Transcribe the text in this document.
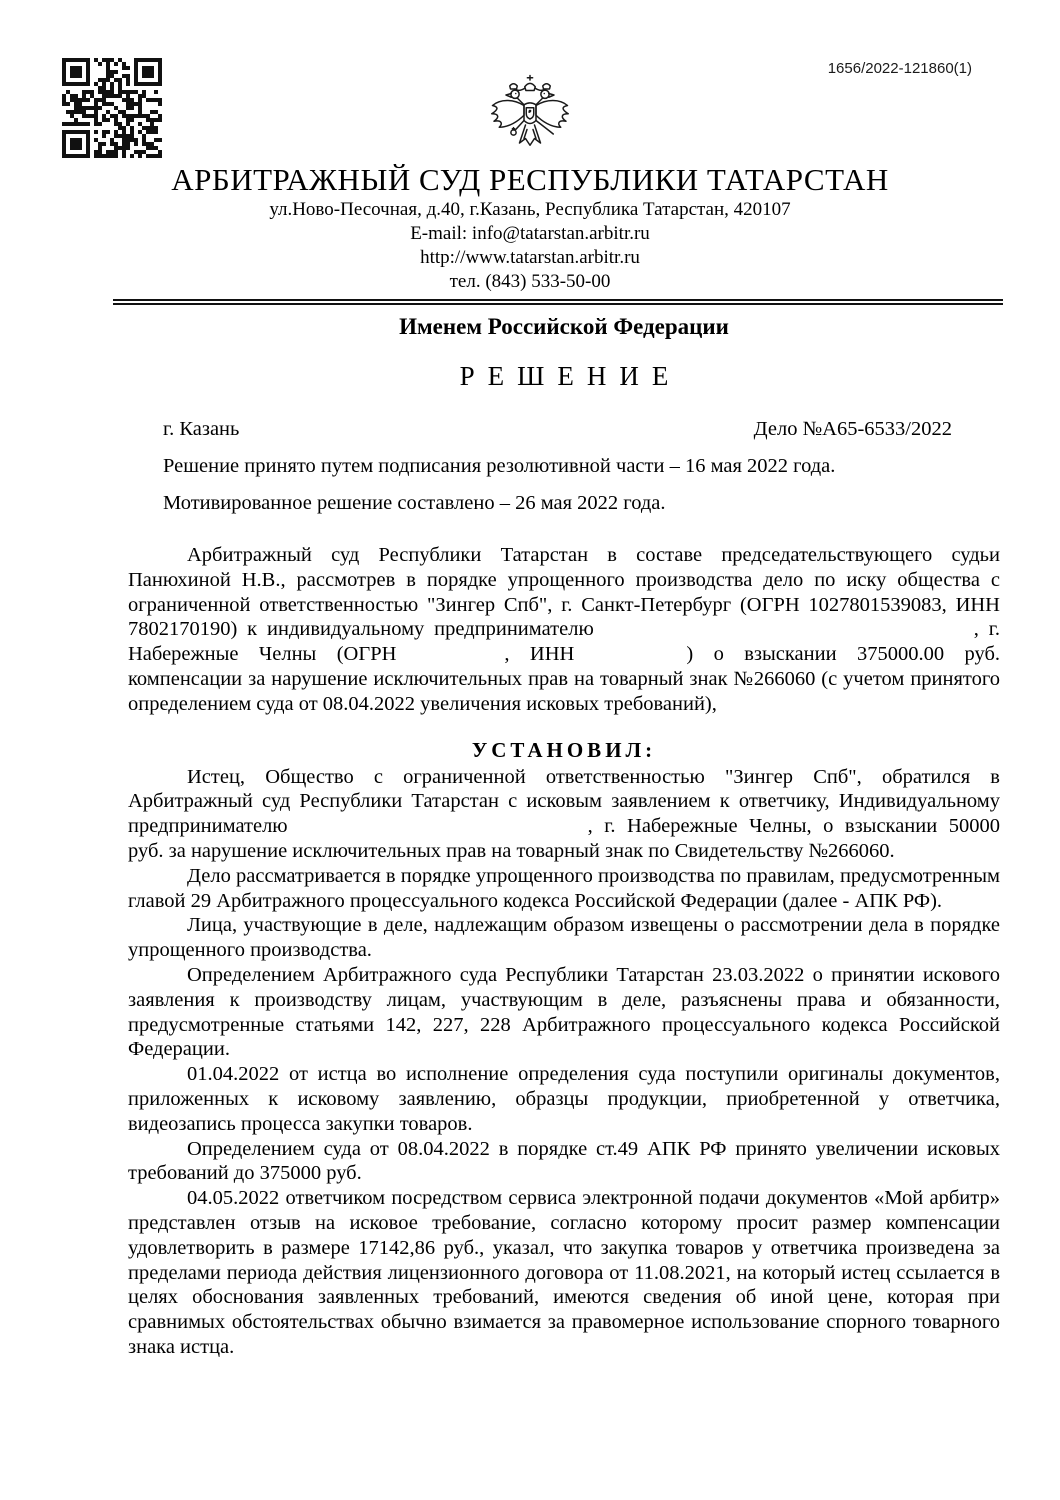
1656/2022-121860(1)
АРБИТРАЖНЫЙ СУД РЕСПУБЛИКИ ТАТАРСТАН
ул.Ново-Песочная, д.40, г.Казань, Республика Татарстан, 420107
E-mail: info@tatarstan.arbitr.ru
http://www.tatarstan.arbitr.ru
тел. (843) 533-50-00
Именем Российской Федерации
РЕШЕНИЕ
г. Казань	Дело №А65-6533/2022

Решение принято путем подписания резолютивной части – 16 мая 2022 года.

Мотивированное решение составлено – 26 мая 2022 года.

Арбитражный суд Республики Татарстан в составе председательствующего судьи Панюхиной Н.В., рассмотрев в порядке упрощенного производства дело по иску общества с ограниченной ответственностью "Зингер Спб", г. Санкт-Петербург (ОГРН 1027801539083, ИНН 7802170190) к индивидуальному предпринимателю	, г. Набережные Челны (ОГРН	, ИНН	) о взыскании 375000.00 руб. компенсации за нарушение исключительных прав на товарный знак №266060 (с учетом принятого определением суда от 08.04.2022 увеличения исковых требований),

УСТАНОВИЛ:

Истец, Общество с ограниченной ответственностью "Зингер Спб", обратился в Арбитражный суд Республики Татарстан с исковым заявлением к ответчику, Индивидуальному предпринимателю	, г. Набережные Челны, о взыскании 50000 руб. за нарушение исключительных прав на товарный знак по Свидетельству №266060.

Дело рассматривается в порядке упрощенного производства по правилам, предусмотренным главой 29 Арбитражного процессуального кодекса Российской Федерации (далее - АПК РФ).

Лица, участвующие в деле, надлежащим образом извещены о рассмотрении дела в порядке упрощенного производства.

Определением Арбитражного суда Республики Татарстан 23.03.2022 о принятии искового заявления к производству лицам, участвующим в деле, разъяснены права и обязанности, предусмотренные статьями 142, 227, 228 Арбитражного процессуального кодекса Российской Федерации.

01.04.2022 от истца во исполнение определения суда поступили оригиналы документов, приложенных к исковому заявлению, образцы продукции, приобретенной у ответчика, видеозапись процесса закупки товаров.

Определением суда от 08.04.2022 в порядке ст.49 АПК РФ принято увеличении исковых требований до 375000 руб.

04.05.2022 ответчиком посредством сервиса электронной подачи документов «Мой арбитр» представлен отзыв на исковое требование, согласно которому просит размер компенсации удовлетворить в размере 17142,86 руб., указал, что закупка товаров у ответчика произведена за пределами периода действия лицензионного договора от 11.08.2021, на который истец ссылается в целях обоснования заявленных требований, имеются сведения об иной цене, которая при сравнимых обстоятельствах обычно взимается за правомерное использование спорного товарного знака истца.
